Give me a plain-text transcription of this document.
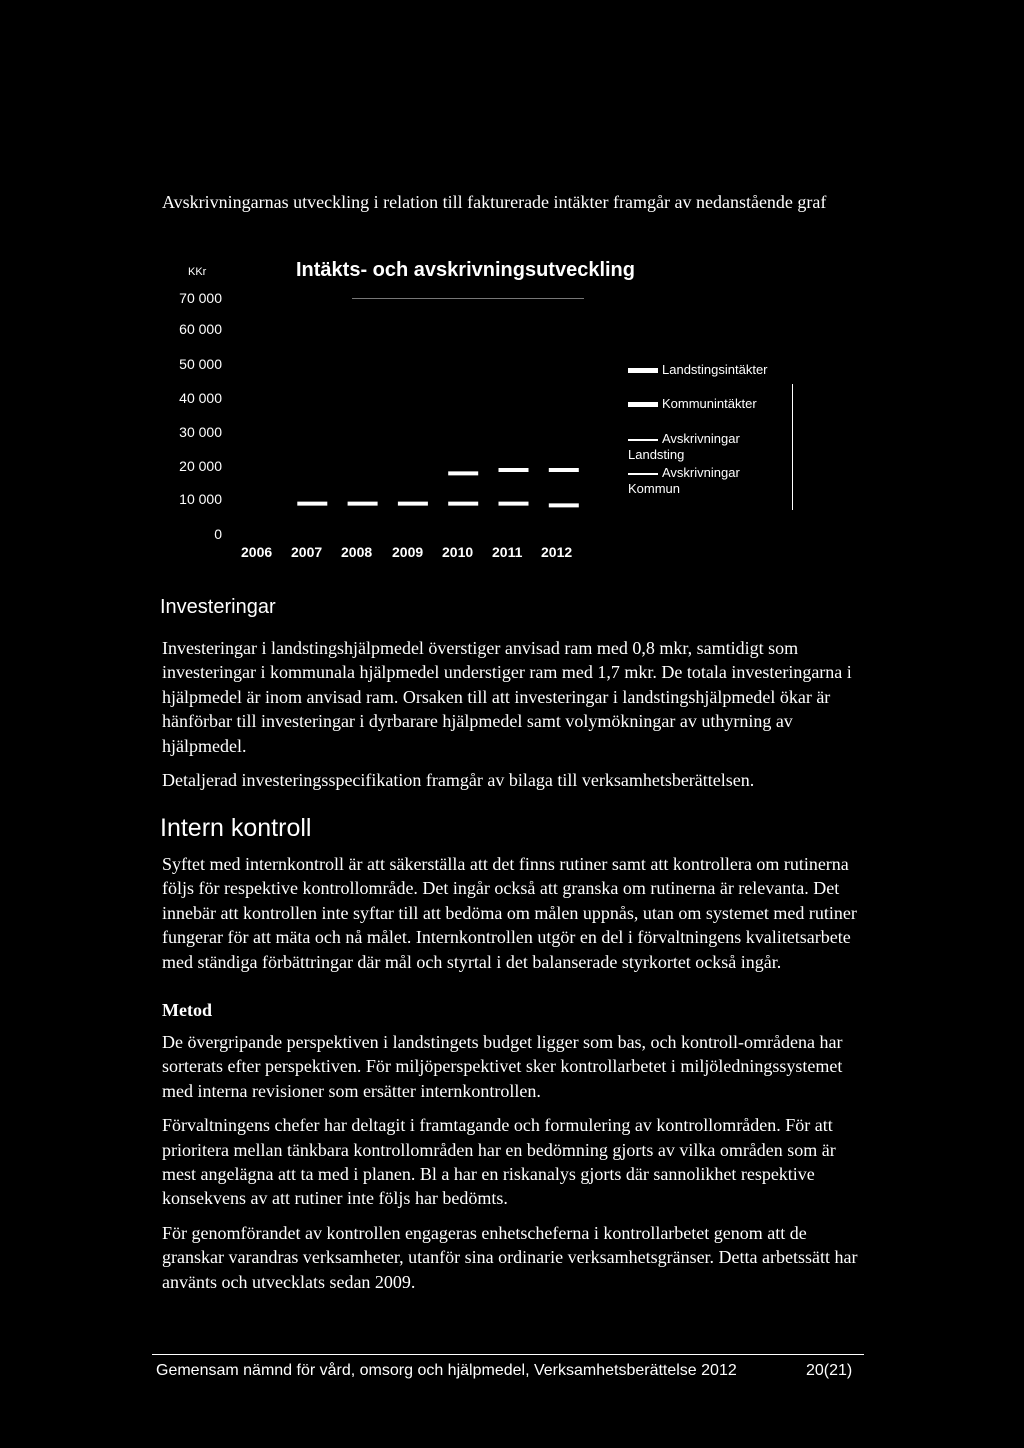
Avskrivningarnas utveckling i relation till fakturerade intäkter framgår av nedanstående graf

KKr	Intäkts- och avskrivningsutveckling
70 000
60 000
50 000
40 000
30 000
20 000
10 000
0
2006 2007 2008 2009 2010 2011 2012
Landstingsintäkter
Kommunintäkter
Avskrivningar Landsting
Avskrivningar Kommun
Investeringar

Investeringar i landstingshjälpmedel överstiger anvisad ram med 0,8 mkr, samtidigt som investeringar i kommunala hjälpmedel understiger ram med 1,7 mkr. De totala investeringarna i hjälpmedel är inom anvisad ram. Orsaken till att investeringar i landstingshjälpmedel ökar är hänförbar till investeringar i dyrbarare hjälpmedel samt volymökningar av uthyrning av hjälpmedel.

Detaljerad investeringsspecifikation framgår av bilaga till verksamhetsberättelsen.

Intern kontroll

Syftet med internkontroll är att säkerställa att det finns rutiner samt att kontrollera om rutinerna följs för respektive kontrollområde. Det ingår också att granska om rutinerna är relevanta. Det innebär att kontrollen inte syftar till att bedöma om målen uppnås, utan om systemet med rutiner fungerar för att mäta och nå målet. Internkontrollen utgör en del i förvaltningens kvalitetsarbete med ständiga förbättringar där mål och styrtal i det balanserade styrkortet också ingår.

Metod

De övergripande perspektiven i landstingets budget ligger som bas, och kontroll-områdena har sorterats efter perspektiven. För miljöperspektivet sker kontrollarbetet i miljöledningssystemet med interna revisioner som ersätter internkontrollen.

Förvaltningens chefer har deltagit i framtagande och formulering av kontrollområden. För att prioritera mellan tänkbara kontrollområden har en bedömning gjorts av vilka områden som är mest angelägna att ta med i planen. Bl a har en riskanalys gjorts där sannolikhet respektive konsekvens av att rutiner inte följs har bedömts.

För genomförandet av kontrollen engageras enhetscheferna i kontrollarbetet genom att de granskar varandras verksamheter, utanför sina ordinarie verksamhetsgränser. Detta arbetssätt har använts och utvecklats sedan 2009.

Gemensam nämnd för vård, omsorg och hjälpmedel, Verksamhetsberättelse 2012	20(21)
